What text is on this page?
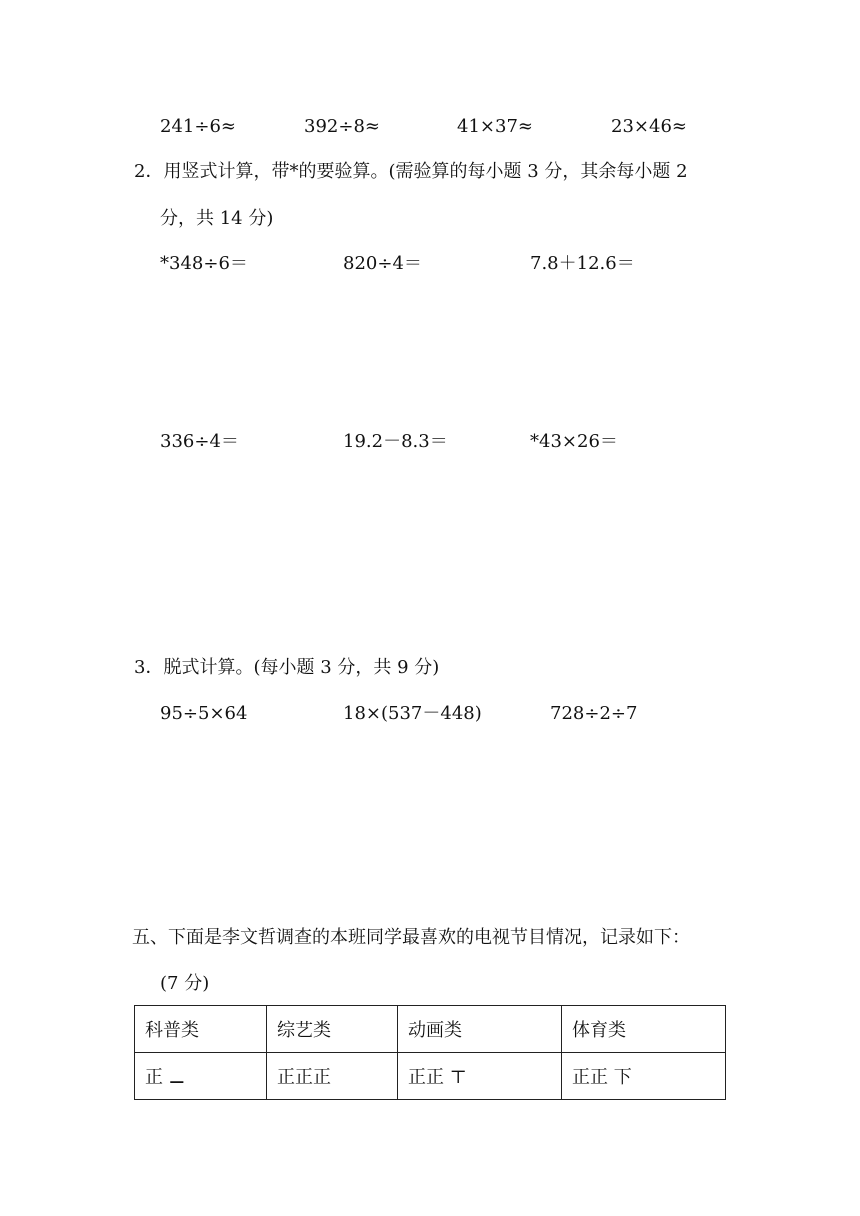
241÷6≈	392÷8≈	41×37≈	23×46≈
2．用竖式计算，带*的要验算。(需验算的每小题 3 分，其余每小题 2
分，共 14 分)
*348÷6＝	820÷4＝	7.8＋12.6＝
336÷4＝	19.2－8.3＝	*43×26＝
3．脱式计算。(每小题 3 分，共 9 分)
95÷5×64	18×(537－448)	728÷2÷7
五、下面是李文哲调查的本班同学最喜欢的电视节目情况，记录如下：
(7 分)
科普类	综艺类	动画类	体育类
正 ⚊	正正正	正正 ⊤	正正 下
